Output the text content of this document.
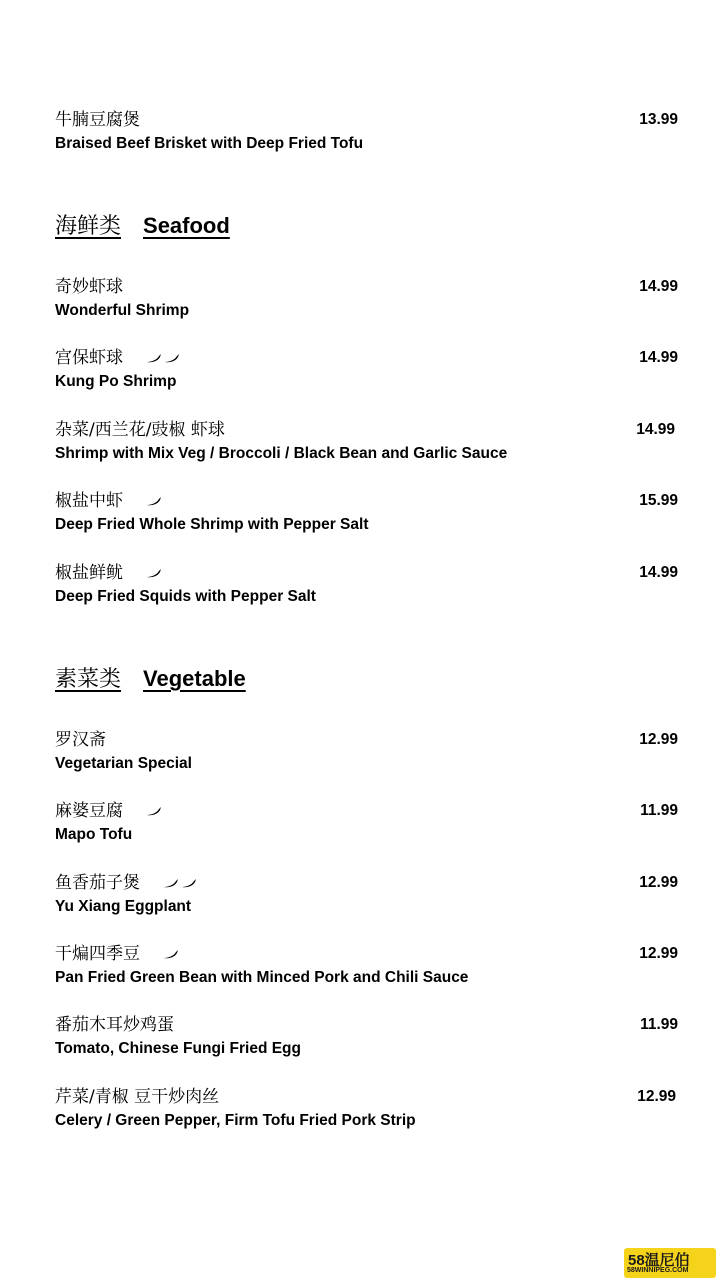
牛腩豆腐煲
Braised Beef Brisket with Deep Fried Tofu
13.99
海鲜类 Seafood
奇妙虾球
Wonderful Shrimp
14.99
宫保虾球
Kung Po Shrimp
14.99
杂菜/西兰花/豉椒 虾球
Shrimp with Mix Veg / Broccoli / Black Bean and Garlic Sauce
14.99
椒盐中虾
Deep Fried Whole Shrimp with Pepper Salt
15.99
椒盐鲜鱿
Deep Fried Squids with Pepper Salt
14.99
素菜类 Vegetable
罗汉斋
Vegetarian Special
12.99
麻婆豆腐
Mapo Tofu
11.99
鱼香茄子煲
Yu Xiang Eggplant
12.99
干煸四季豆
Pan Fried Green Bean with Minced Pork and Chili Sauce
12.99
番茄木耳炒鸡蛋
Tomato, Chinese Fungi Fried Egg
11.99
芹菜/青椒 豆干炒肉丝
Celery / Green Pepper, Firm Tofu Fried Pork Strip
12.99
58温尼伯
58WINNIPEG.COM
